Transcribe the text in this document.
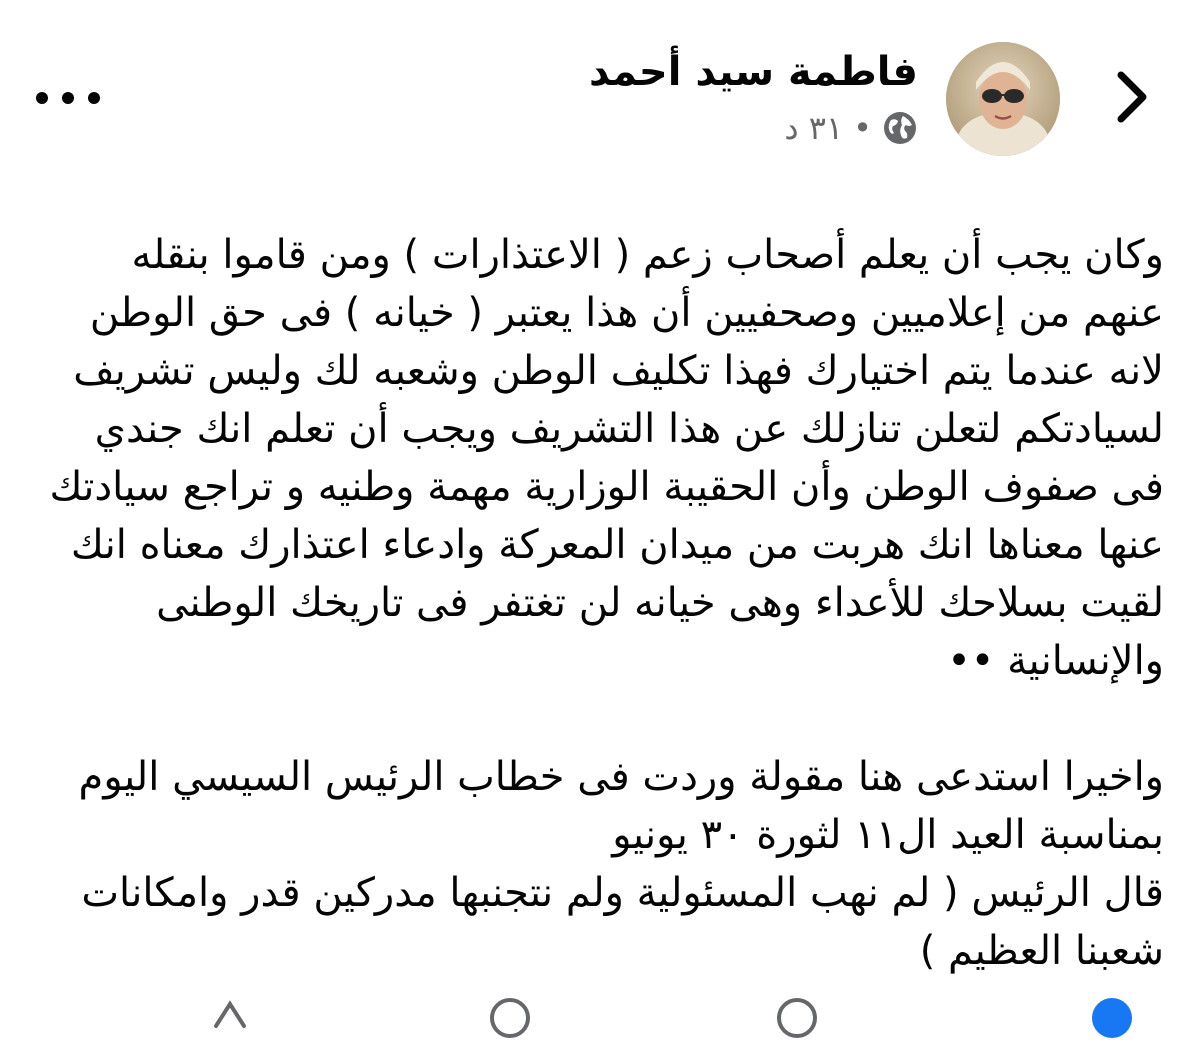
فاطمة سيد أحمد
٣١ د •

وكان يجب أن يعلم أصحاب زعم ( الاعتذارات ) ومن قاموا بنقله
عنهم من إعلاميين وصحفيين أن هذا يعتبر ( خيانه ) فى حق الوطن
لانه عندما يتم اختيارك فهذا تكليف الوطن وشعبه لك وليس تشريف
لسيادتكم لتعلن تنازلك عن هذا التشريف ويجب أن تعلم انك جندي
فى صفوف الوطن وأن الحقيبة الوزارية مهمة وطنيه و تراجع سيادتك
عنها معناها انك هربت من ميدان المعركة وادعاء اعتذارك معناه انك
لقيت بسلاحك للأعداء وهى خيانه لن تغتفر فى تاريخك الوطنى
والإنسانية ••

واخيرا استدعى هنا مقولة وردت فى خطاب الرئيس السيسي اليوم
بمناسبة العيد ال١١ لثورة ٣٠ يونيو
قال الرئيس ( لم نهب المسئولية ولم نتجنبها مدركين قدر وامكانات
شعبنا العظيم )
